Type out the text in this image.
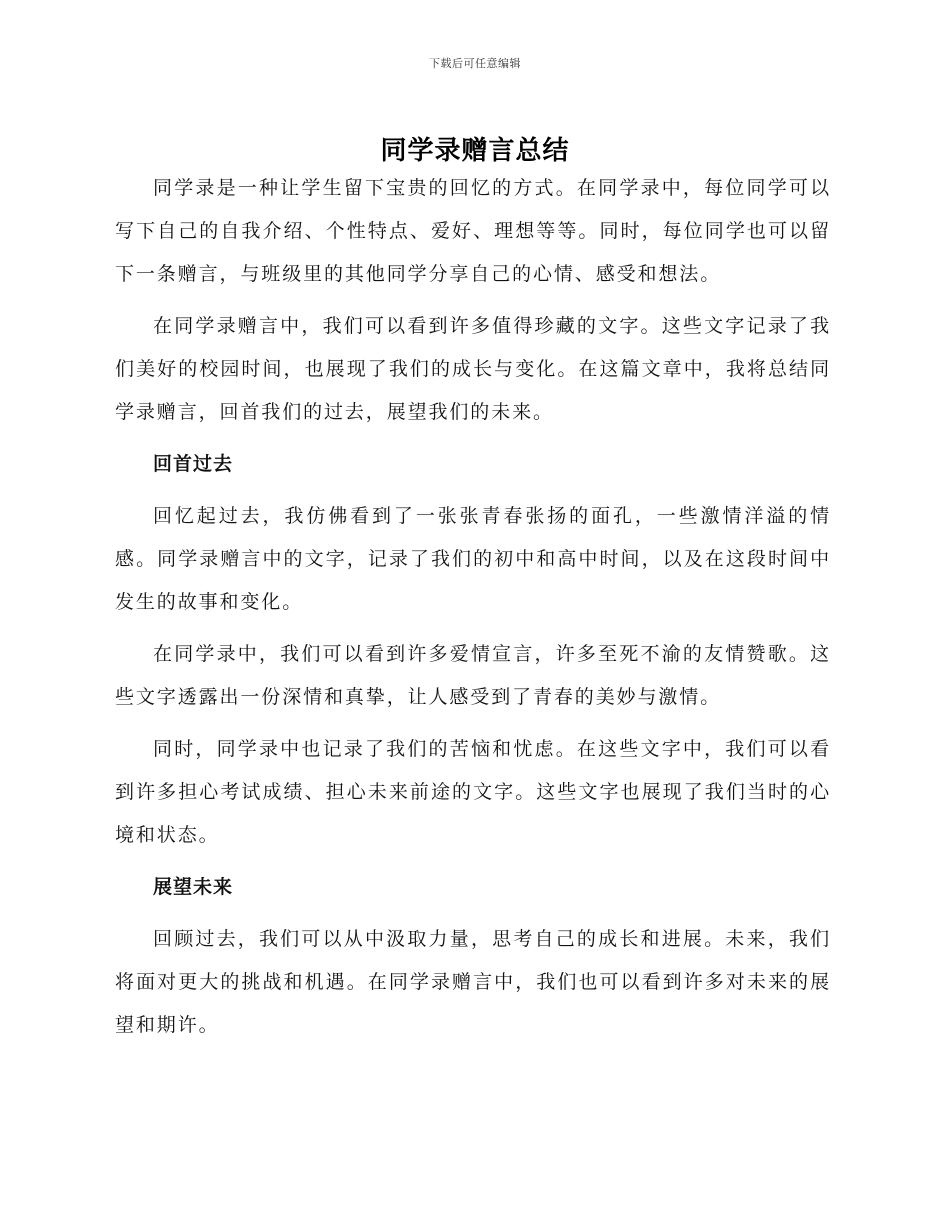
下载后可任意编辑
同学录赠言总结

同学录是一种让学生留下宝贵的回忆的方式。在同学录中，每位同学可以写下自己的自我介绍、个性特点、爱好、理想等等。同时，每位同学也可以留下一条赠言，与班级里的其他同学分享自己的心情、感受和想法。

在同学录赠言中，我们可以看到许多值得珍藏的文字。这些文字记录了我们美好的校园时间，也展现了我们的成长与变化。在这篇文章中，我将总结同学录赠言，回首我们的过去，展望我们的未来。

回首过去

回忆起过去，我仿佛看到了一张张青春张扬的面孔，一些激情洋溢的情感。同学录赠言中的文字，记录了我们的初中和高中时间，以及在这段时间中发生的故事和变化。

在同学录中，我们可以看到许多爱情宣言，许多至死不渝的友情赞歌。这些文字透露出一份深情和真挚，让人感受到了青春的美妙与激情。

同时，同学录中也记录了我们的苦恼和忧虑。在这些文字中，我们可以看到许多担心考试成绩、担心未来前途的文字。这些文字也展现了我们当时的心境和状态。

展望未来

回顾过去，我们可以从中汲取力量，思考自己的成长和进展。未来，我们将面对更大的挑战和机遇。在同学录赠言中，我们也可以看到许多对未来的展望和期许。
